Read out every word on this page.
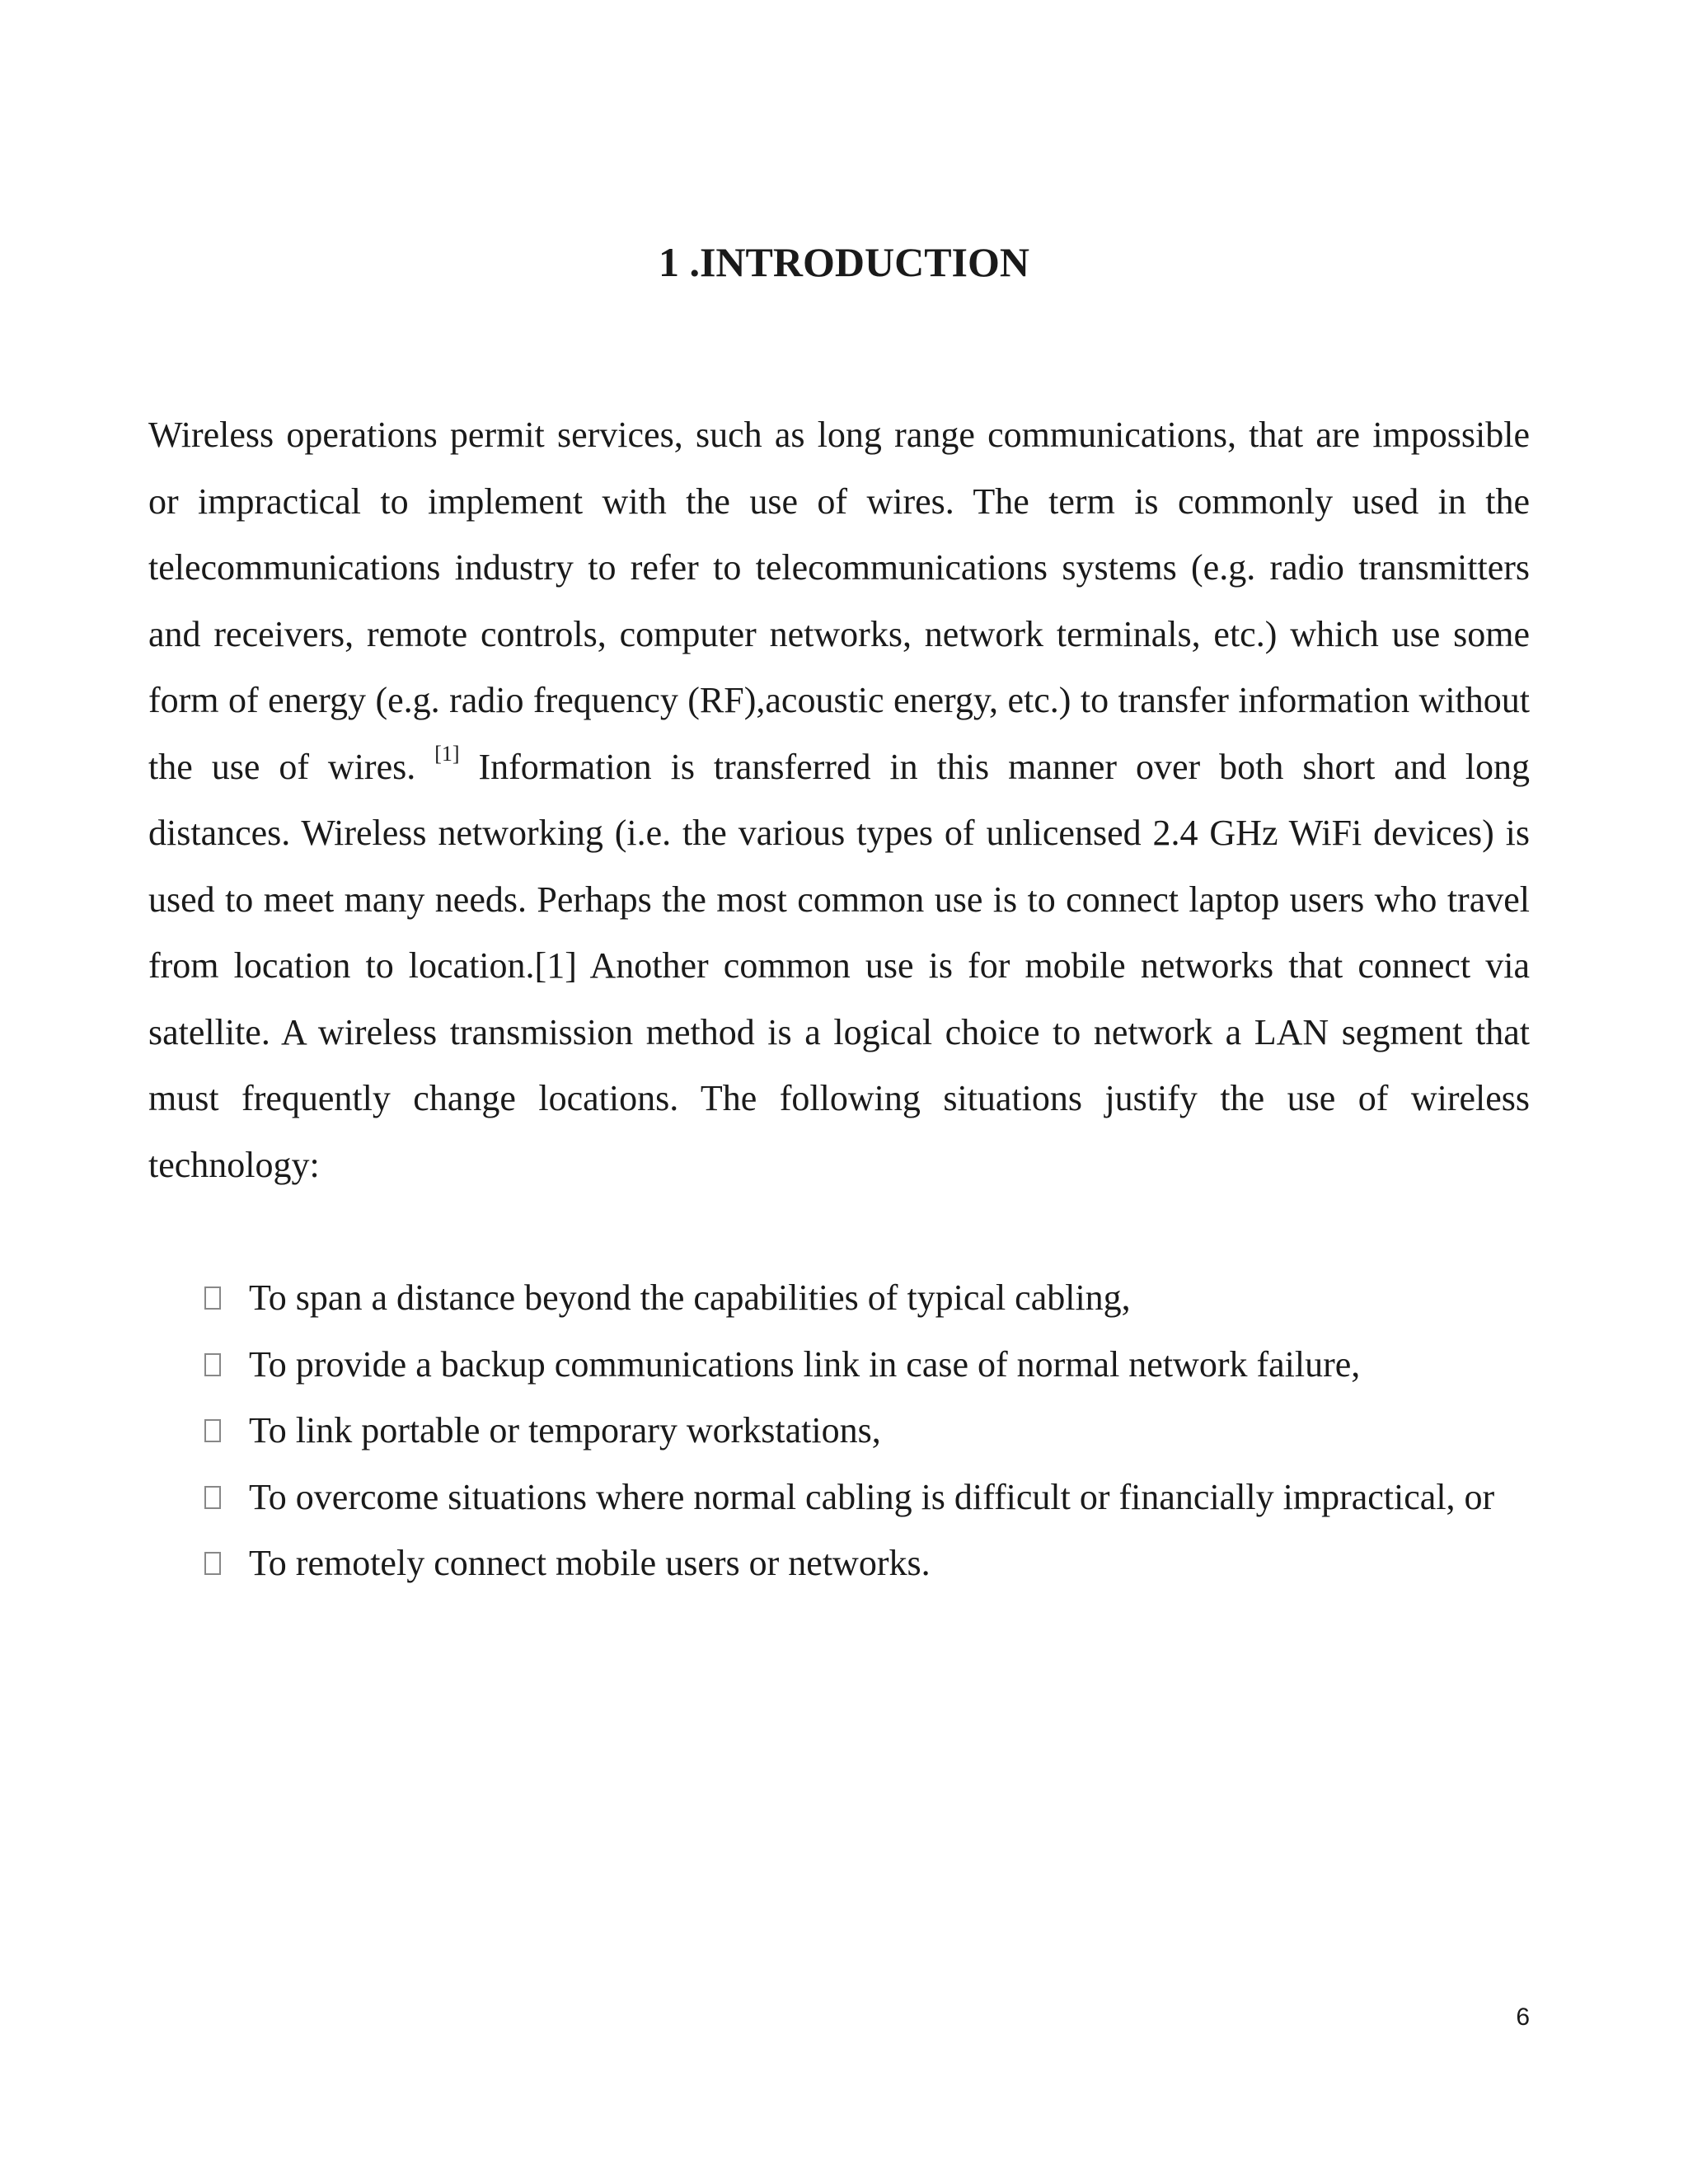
1 .INTRODUCTION

Wireless operations permit services, such as long range communications, that are impossible or impractical to implement with the use of wires. The term is commonly used in the telecommunications industry to refer to telecommunications systems (e.g. radio transmitters and receivers, remote controls, computer networks, network terminals, etc.) which use some form of energy (e.g. radio frequency (RF),acoustic energy, etc.) to transfer information without the use of wires. [1] Information is transferred in this manner over both short and long distances. Wireless networking (i.e. the various types of unlicensed 2.4 GHz WiFi devices) is used to meet many needs. Perhaps the most common use is to connect laptop users who travel from location to location.[1] Another common use is for mobile networks that connect via satellite. A wireless transmission method is a logical choice to network a LAN segment that must frequently change locations. The following situations justify the use of wireless technology:

To span a distance beyond the capabilities of typical cabling,
To provide a backup communications link in case of normal network failure,
To link portable or temporary workstations,
To overcome situations where normal cabling is difficult or financially impractical, or
To remotely connect mobile users or networks.
6
